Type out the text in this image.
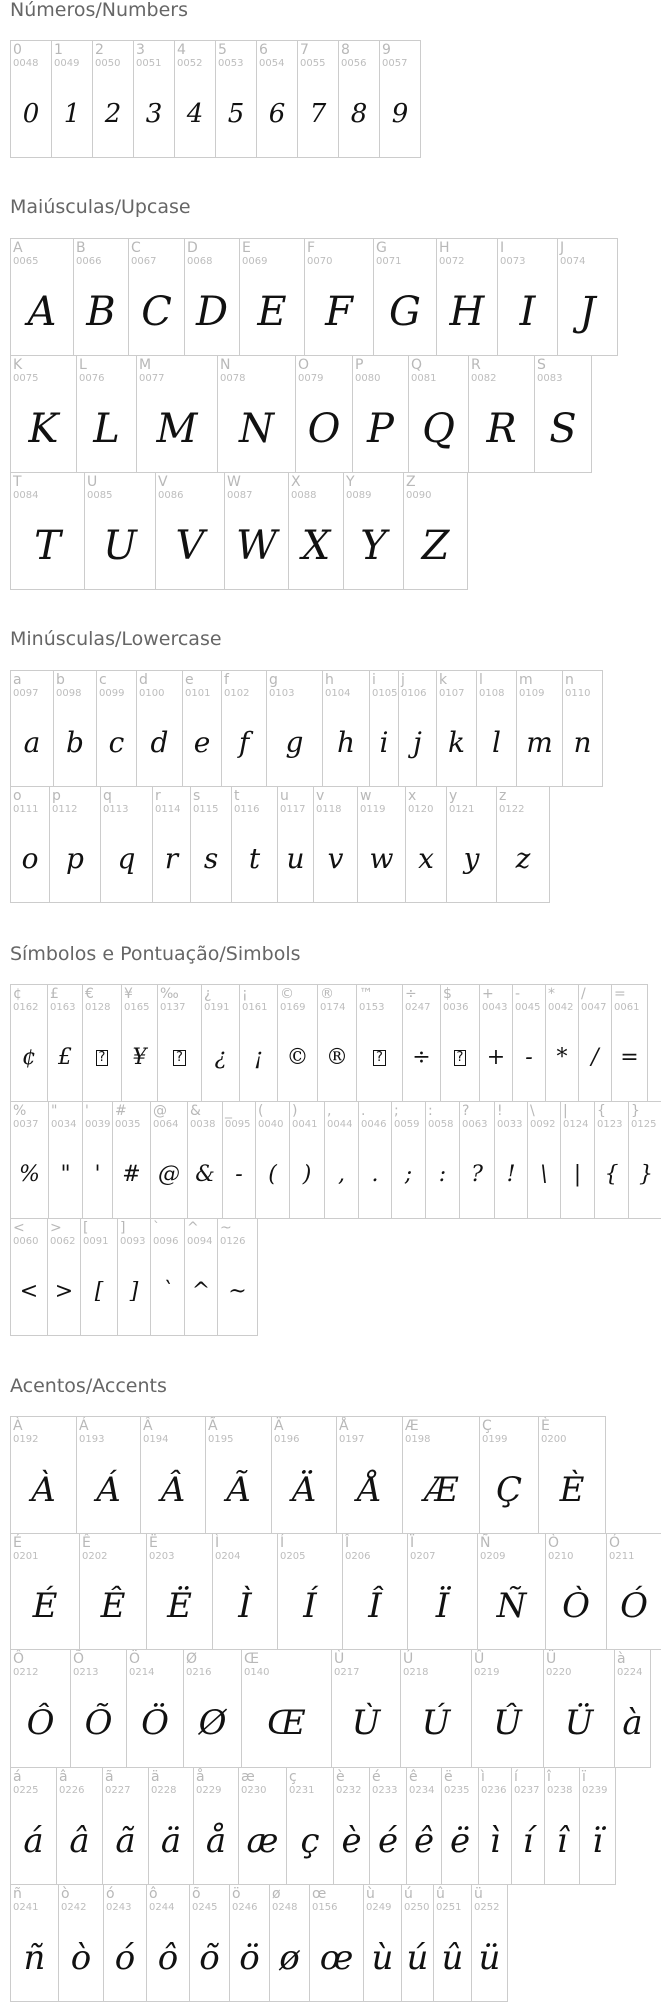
Números/Numbers
Maiúsculas/Upcase
Minúsculas/Lowercase
Símbolos e Pontuação/Simbols
Acentos/Accents
0
0048
0
1
0049
1
2
0050
2
3
0051
3
4
0052
4
5
0053
5
6
0054
6
7
0055
7
8
0056
8
9
0057
9
A
0065
A
B
0066
B
C
0067
C
D
0068
D
E
0069
E
F
0070
F
G
0071
G
H
0072
H
I
0073
I
J
0074
J
K
0075
K
L
0076
L
M
0077
M
N
0078
N
O
0079
O
P
0080
P
Q
0081
Q
R
0082
R
S
0083
S
T
0084
T
U
0085
U
V
0086
V
W
0087
W
X
0088
X
Y
0089
Y
Z
0090
Z
a
0097
a
b
0098
b
c
0099
c
d
0100
d
e
0101
e
f
0102
f
g
0103
g
h
0104
h
i
0105
i
j
0106
j
k
0107
k
l
0108
l
m
0109
m
n
0110
n
o
0111
o
p
0112
p
q
0113
q
r
0114
r
s
0115
s
t
0116
t
u
0117
u
v
0118
v
w
0119
w
x
0120
x
y
0121
y
z
0122
z
¢
0162
¢
£
0163
£
€
0128
?
¥
0165
¥
‰
0137
?
¿
0191
¿
¡
0161
¡
©
0169
©
®
0174
®
™
0153
?
÷
0247
÷
$
0036
?
+
0043
+
-
0045
-
*
0042
*
/
0047
/
=
0061
=
%
0037
%
"
0034
"
'
0039
'
#
0035
#
@
0064
@
&
0038
&
_
0095
-
(
0040
(
)
0041
)
,
0044
,
.
0046
.
;
0059
;
:
0058
:
?
0063
?
!
0033
!
\
0092
\
|
0124
|
{
0123
{
}
0125
}
<
0060
<
>
0062
>
[
0091
[
]
0093
]
`
0096
`
^
0094
^
~
0126
~
À
0192
À
Á
0193
Á
Â
0194
Â
Ã
0195
Ã
Ä
0196
Ä
Å
0197
Å
Æ
0198
Æ
Ç
0199
Ç
È
0200
È
É
0201
É
Ê
0202
Ê
Ë
0203
Ë
Ì
0204
Ì
Í
0205
Í
Î
0206
Î
Ï
0207
Ï
Ñ
0209
Ñ
Ò
0210
Ò
Ó
0211
Ó
Ô
0212
Ô
Õ
0213
Õ
Ö
0214
Ö
Ø
0216
Ø
Œ
0140
Œ
Ù
0217
Ù
Ú
0218
Ú
Û
0219
Û
Ü
0220
Ü
à
0224
à
á
0225
á
â
0226
â
ã
0227
ã
ä
0228
ä
å
0229
å
æ
0230
æ
ç
0231
ç
è
0232
è
é
0233
é
ê
0234
ê
ë
0235
ë
ì
0236
ì
í
0237
í
î
0238
î
ï
0239
ï
ñ
0241
ñ
ò
0242
ò
ó
0243
ó
ô
0244
ô
õ
0245
õ
ö
0246
ö
ø
0248
ø
œ
0156
œ
ù
0249
ù
ú
0250
ú
û
0251
û
ü
0252
ü
